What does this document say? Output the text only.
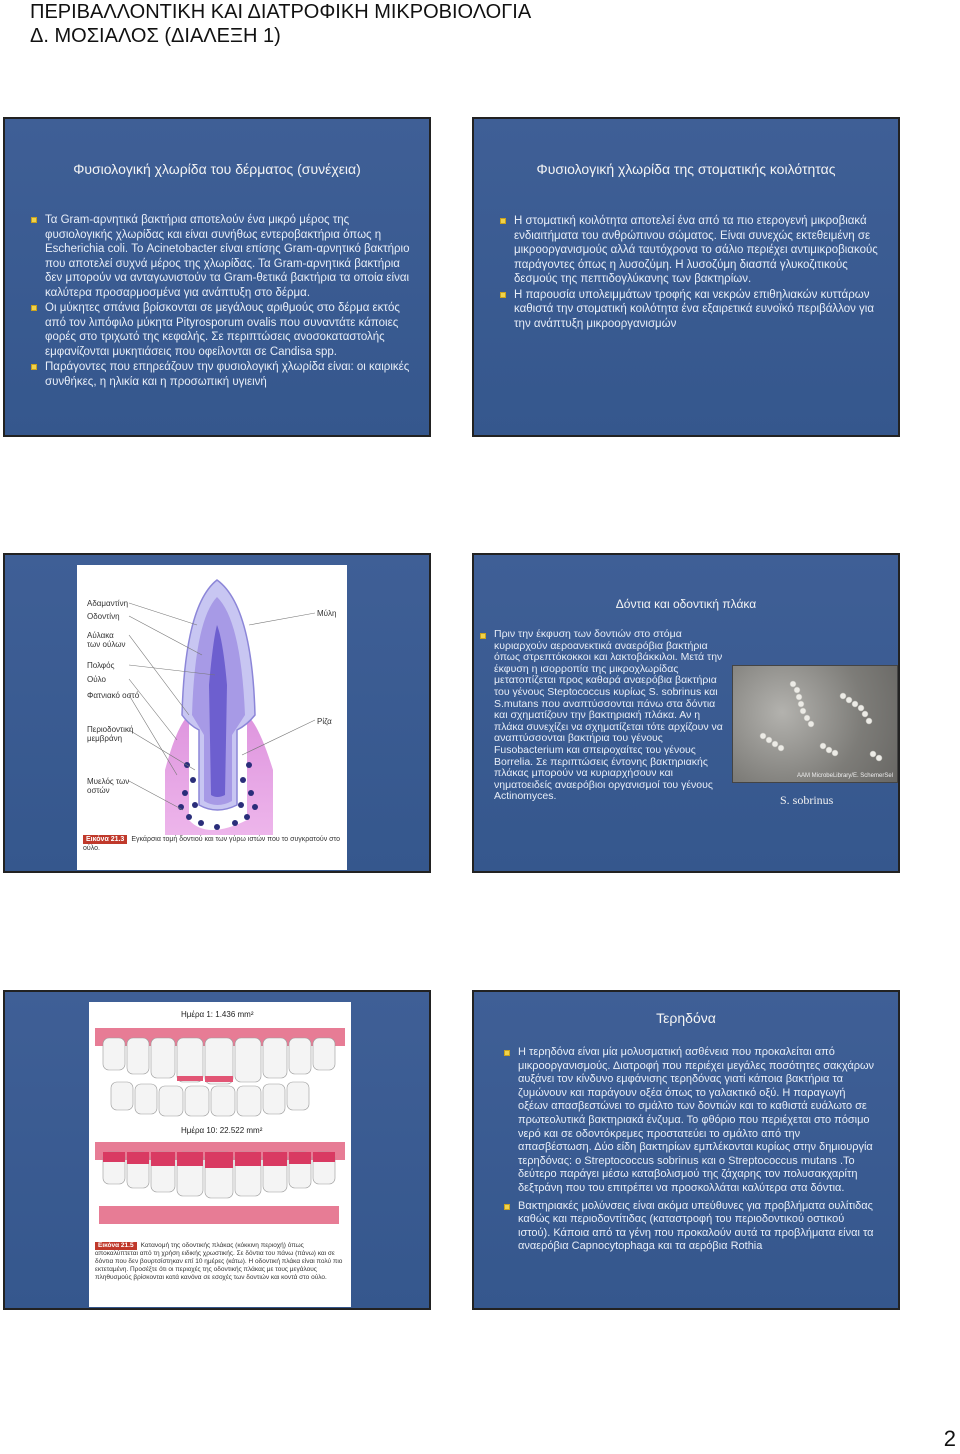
ΠΕΡΙΒΑΛΛΟΝΤΙΚΗ ΚΑΙ ΔΙΑΤΡΟΦΙΚΗ ΜΙΚΡΟΒΙΟΛΟΓΙΑ
Δ. ΜΟΣΙΑΛΟΣ (ΔΙΑΛΕΞΗ 1)
Φυσιολογική χλωρίδα του δέρματος (συνέχεια)
Τα Gram-αρνητικά βακτήρια αποτελούν ένα μικρό μέρος της φυσιολογικής χλωρίδας και είναι συνήθως εντεροβακτήρια όπως η Escherichia coli. Το Acinetobacter είναι επίσης Gram-αρνητικό βακτήριο που αποτελεί συχνά μέρος της χλωρίδας. Τα Gram-αρνητικά βακτήρια δεν μπορούν να ανταγωνιστούν τα Gram-θετικά βακτήρια τα οποία είναι καλύτερα προσαρμοσμένα για ανάπτυξη στο δέρμα.
Οι μύκητες σπάνια βρίσκονται σε μεγάλους αριθμούς στο δέρμα εκτός από τον λιπόφιλο μύκητα Pityrosporum ovalis που συναντάτε κάποιες φορές στο τριχωτό της κεφαλής. Σε περιπτώσεις ανοσοκαταστολής εμφανίζονται μυκητιάσεις που οφείλονται σε Candisa spp.
Παράγοντες που επηρεάζουν την φυσιολογική χλωρίδα είναι: οι καιρικές συνθήκες, η ηλικία και η προσωπική υγιεινή
Φυσιολογική χλωρίδα της στοματικής κοιλότητας
Η στοματική κοιλότητα αποτελεί ένα από τα πιο ετερογενή μικροβιακά ενδιαιτήματα του ανθρώπινου σώματος. Είναι συνεχώς εκτεθειμένη σε μικροοργανισμούς αλλά ταυτόχρονα το σάλιο περιέχει αντιμικροβιακούς παράγοντες όπως η λυσοζύμη. Η λυσοζύμη διασπά γλυκοζιτικούς δεσμούς της πεπτιδογλύκανης των βακτηρίων.
Η παρουσία υπολειμμάτων τροφής και νεκρών επιθηλιακών κυττάρων καθιστά την στοματική κοιλότητα ένα εξαιρετικά ευνοϊκό περιβάλλον για την ανάπτυξη μικροοργανισμών
Αδαμαντίνη
Οδοντίνη
Αύλακα των ούλων
Πολφός
Ούλο
Φατνιακό οστό
Περιοδοντική μεμβράνη
Μυελός των οστών
Μύλη
Ρίζα
Εικόνα 21.3 Εγκάρσια τομή δοντιού και των γύρω ιστών που το συγκρατούν στο ούλο.
Δόντια και οδοντική πλάκα
Πριν την έκφυση των δοντιών στο στόμα κυριαρχούν αεροανεκτικά αναερόβια βακτήρια όπως στρεπτόκοκκοι και λακτοβάκκιλοι. Μετά την έκφυση η ισορροπία της μικροχλωρίδας μετατοπίζεται προς καθαρά αναερόβια βακτήρια του γένους Steptococcus κυρίως S. sobrinus και S.mutans που αναπτύσσονται πάνω στα δόντια και σχηματίζουν την βακτηριακή πλάκα. Αν η πλάκα συνεχίζει να σχηματίζεται τότε αρχίζουν να αναπτύσσονται βακτήρια του γένους Fusobacterium και σπειροχαίτες του γένους Borrelia. Σε περιπτώσεις έντονης βακτηριακής πλάκας μπορούν να κυριαρχήσουν και νηματοειδείς αναερόβιοι οργανισμοί του γένους Actinomyces.
AAM MicrobeLibrary/E. SchemerSel
S. sobrinus
Ημέρα 1: 1.436 mm²
Ημέρα 10: 22.522 mm²
Εικόνα 21.5 Κατανομή της οδοντικής πλάκας (κόκκινη περιοχή) όπως αποκαλύπτεται από τη χρήση ειδικής χρωστικής. Σε δόντια του πάνω (πάνω) και σε δόντια που δεν βουρτσίστηκαν επί 10 ημέρες (κάτω). Η οδοντική πλάκα είναι πολύ πιο εκτεταμένη. Προσέξτε ότι οι περιοχές της οδοντικής πλάκας με τους μεγάλους πληθυσμούς βρίσκονται κατά κανόνα σε εσοχές των δοντιών και κοντά στο ούλο.
Τερηδόνα
Η τερηδόνα είναι μία μολυσματική ασθένεια που προκαλείται από μικροοργανισμούς. Διατροφή που περιέχει μεγάλες ποσότητες σακχάρων αυξάνει τον κίνδυνο εμφάνισης τερηδόνας γιατί κάποια βακτήρια τα ζυμώνουν και παράγουν οξέα όπως το γαλακτικό οξύ. Η παραγωγή οξέων απασβεστώνει το σμάλτο των δοντιών και το καθιστά ευάλωτο σε πρωτεολυτικά βακτηριακά ένζυμα. Το φθόριο που περιέχεται στο πόσιμο νερό και σε οδοντόκρεμες προστατεύει το σμάλτο από την απασβέστωση. Δύο είδη βακτηρίων εμπλέκονται κυρίως στην δημιουργία τερηδόνας: ο Streptococcus sobrinus και ο Streptococcus mutans .Το δεύτερο παράγει μέσω καταβολισμού της ζάχαρης τον πολυσακχαρίτη δεξτράνη που του επιτρέπει να προσκολλάται καλύτερα στα δόντια.
Βακτηριακές μολύνσεις είναι ακόμα υπεύθυνες για προβλήματα ουλίτιδας καθώς και περιοδοντίτιδας (καταστροφή του περιοδοντικού οστικού ιστού). Κάποια από τα γένη που προκαλούν αυτά τα προβλήματα είναι τα αναερόβια Capnocytophaga και τα αερόβια Rothia
2
